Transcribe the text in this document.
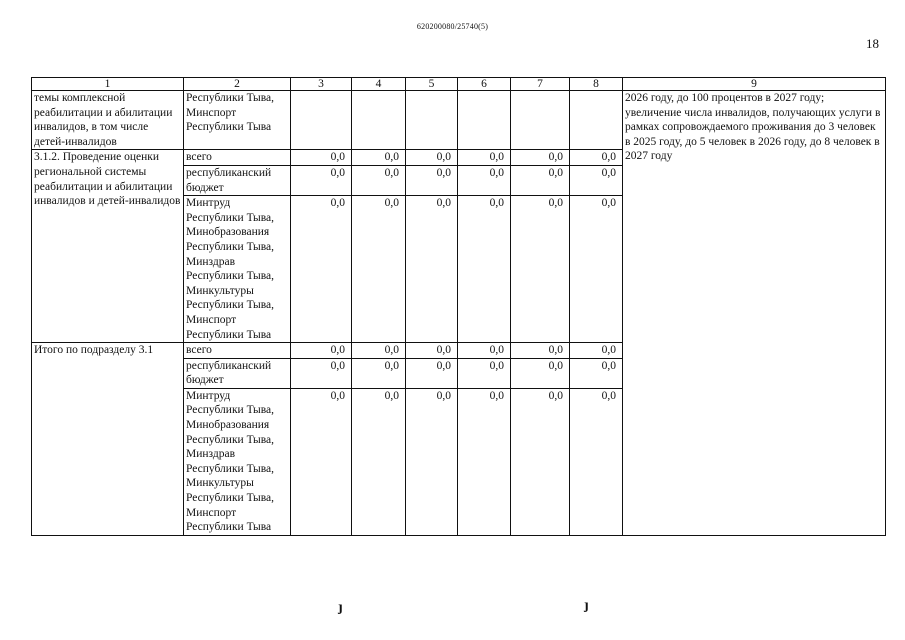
620200080/25740(5)
18
1	2	3	4	5	6	7	8	9
темы комплексной реабилитации и абилитации инвалидов, в том числе детей-инвалидов	Республики Тыва, Минспорт Республики Тыва							2026 году, до 100 процентов в 2027 году; увеличение числа инвалидов, получающих услуги в рамках сопровождаемого проживания до 3 человек в 2025 году, до 5 человек в 2026 году, до 8 человек в 2027 году
3.1.2. Проведение оценки региональной системы реабилитации и абилитации инвалидов и детей-инвалидов	всего	0,0	0,0	0,0	0,0	0,0	0,0	
	республиканский бюджет	0,0	0,0	0,0	0,0	0,0	0,0	
	Минтруд Республики Тыва, Минобразования Республики Тыва, Минздрав Республики Тыва, Минкультуры Республики Тыва, Минспорт Республики Тыва	0,0	0,0	0,0	0,0	0,0	0,0	
Итого по подразделу 3.1	всего	0,0	0,0	0,0	0,0	0,0	0,0	
	республиканский бюджет	0,0	0,0	0,0	0,0	0,0	0,0	
	Минтруд Республики Тыва, Минобразования Республики Тыва, Минздрав Республики Тыва, Минкультуры Республики Тыва, Минспорт Республики Тыва	0,0	0,0	0,0	0,0	0,0	0,0	
ȷ	ȷ
